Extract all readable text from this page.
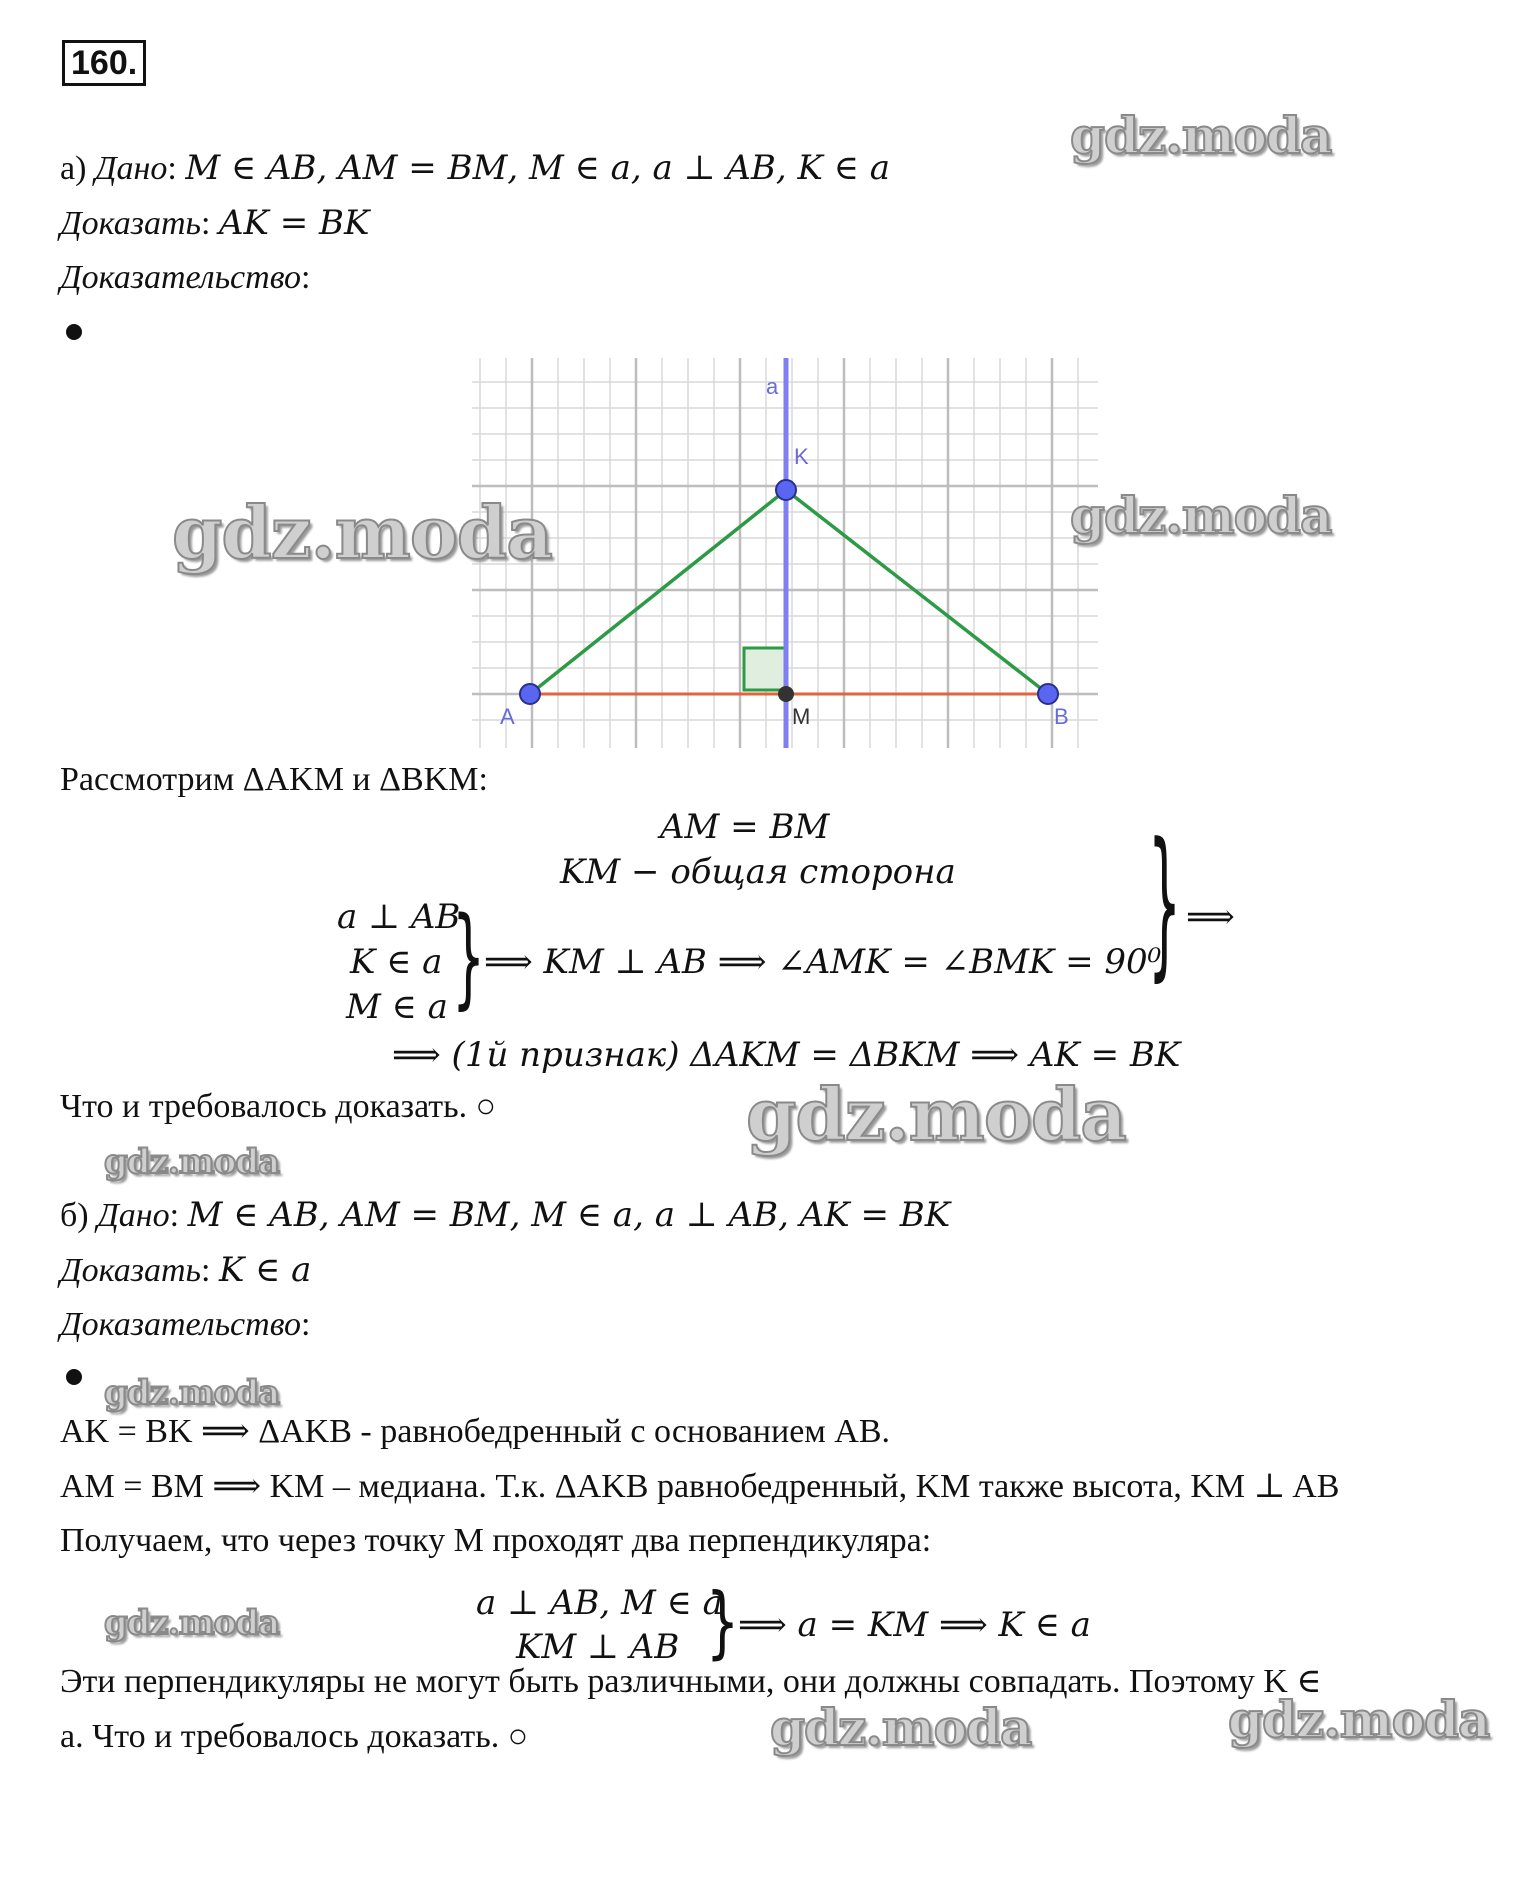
160.
а) Дано: M ∈ AB, AM = BM, M ∈ a, a ⊥ AB, K ∈ a
Доказать: AK = BK
Доказательство:
a
K
A	M	B
Рассмотрим ΔAKM и ΔBKM:
AM = BM
KM − общая сторона
a ⊥ AB
K ∈ a
M ∈ a }
⟹ KM ⊥ AB ⟹ ∠AMK = ∠BMK = 90⁰
} ⟹
⟹ (1й признак) ΔAKM = ΔBKM ⟹ AK = BK
Что и требовалось доказать. ○
б) Дано: M ∈ AB, AM = BM, M ∈ a, a ⊥ AB, AK = BK
Доказать: K ∈ a
Доказательство:
AK = BK ⟹ ΔAKB - равнобедренный с основанием AB.
AM = BM ⟹ KM – медиана. Т.к. ΔAKB равнобедренный, KM также высота, KM ⊥ AB
Получаем, что через точку M проходят два перпендикуляра:
a ⊥ AB, M ∈ a
KM ⊥ AB }
⟹ a = KM ⟹ K ∈ a
Эти перпендикуляры не могут быть различными, они должны совпадать. Поэтому K ∈
a. Что и требовалось доказать. ○
gdz.moda
gdz.moda	gdz.moda
gdz.moda
gdz.moda
gdz.moda
gdz.moda
gdz.moda	gdz.moda
